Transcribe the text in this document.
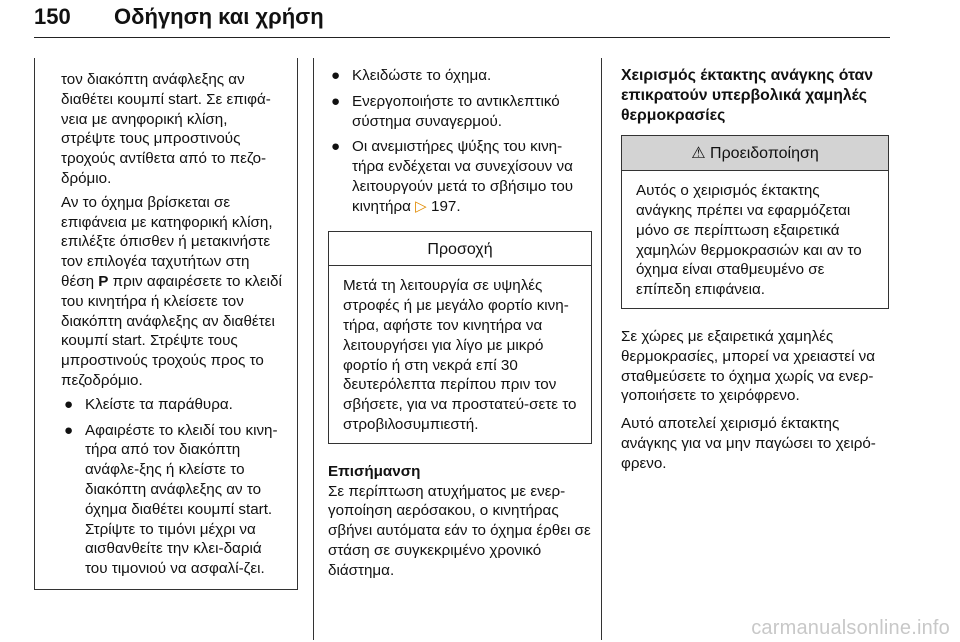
150 Οδήγηση και χρήση

τον διακόπτη ανάφλεξης αν διαθέτει κουμπί start. Σε επιφά-νεια με ανηφορική κλίση, στρέψτε τους μπροστινούς τροχούς αντίθετα από το πεζο-δρόμιο.

Αν το όχημα βρίσκεται σε επιφάνεια με κατηφορική κλίση, επιλέξτε όπισθεν ή μετακινήστε τον επιλογέα ταχυτήτων στη θέση P πριν αφαιρέσετε το κλειδί του κινητήρα ή κλείσετε τον διακόπτη ανάφλεξης αν διαθέτει κουμπί start. Στρέψτε τους μπροστινούς τροχούς προς το πεζοδρόμιο.

● Κλείστε τα παράθυρα.
● Αφαιρέστε το κλειδί του κινη-τήρα από τον διακόπτη ανάφλε-ξης ή κλείστε το διακόπτη ανάφλεξης αν το όχημα διαθέτει κουμπί start. Στρίψτε το τιμόνι μέχρι να αισθανθείτε την κλει-δαριά του τιμονιού να ασφαλί-ζει.
● Κλειδώστε το όχημα.
● Ενεργοποιήστε το αντικλεπτικό σύστημα συναγερμού.
● Οι ανεμιστήρες ψύξης του κινη-τήρα ενδέχεται να συνεχίσουν να λειτουργούν μετά το σβήσιμο του κινητήρα ▷ 197.
Προσοχή
Μετά τη λειτουργία σε υψηλές στροφές ή με μεγάλο φορτίο κινη-τήρα, αφήστε τον κινητήρα να λειτουργήσει για λίγο με μικρό φορτίο ή στη νεκρά επί 30 δευτερόλεπτα περίπου πριν τον σβήσετε, για να προστατεύ-σετε το στροβιλοσυμπιεστή.
Επισήμανση
Σε περίπτωση ατυχήματος με ενερ-γοποίηση αερόσακου, ο κινητήρας σβήνει αυτόματα εάν το όχημα έρθει σε στάση σε συγκεκριμένο χρονικό διάστημα.
Χειρισμός έκτακτης ανάγκης όταν επικρατούν υπερβολικά χαμηλές θερμοκρασίες
⚠ Προειδοποίηση
Αυτός ο χειρισμός έκτακτης ανάγκης πρέπει να εφαρμόζεται μόνο σε περίπτωση εξαιρετικά χαμηλών θερμοκρασιών και αν το όχημα είναι σταθμευμένο σε επίπεδη επιφάνεια.

Σε χώρες με εξαιρετικά χαμηλές θερμοκρασίες, μπορεί να χρειαστεί να σταθμεύσετε το όχημα χωρίς να ενερ-γοποιήσετε το χειρόφρενο.

Αυτό αποτελεί χειρισμό έκτακτης ανάγκης για να μην παγώσει το χειρό-φρενο.

carmanualsonline.info
